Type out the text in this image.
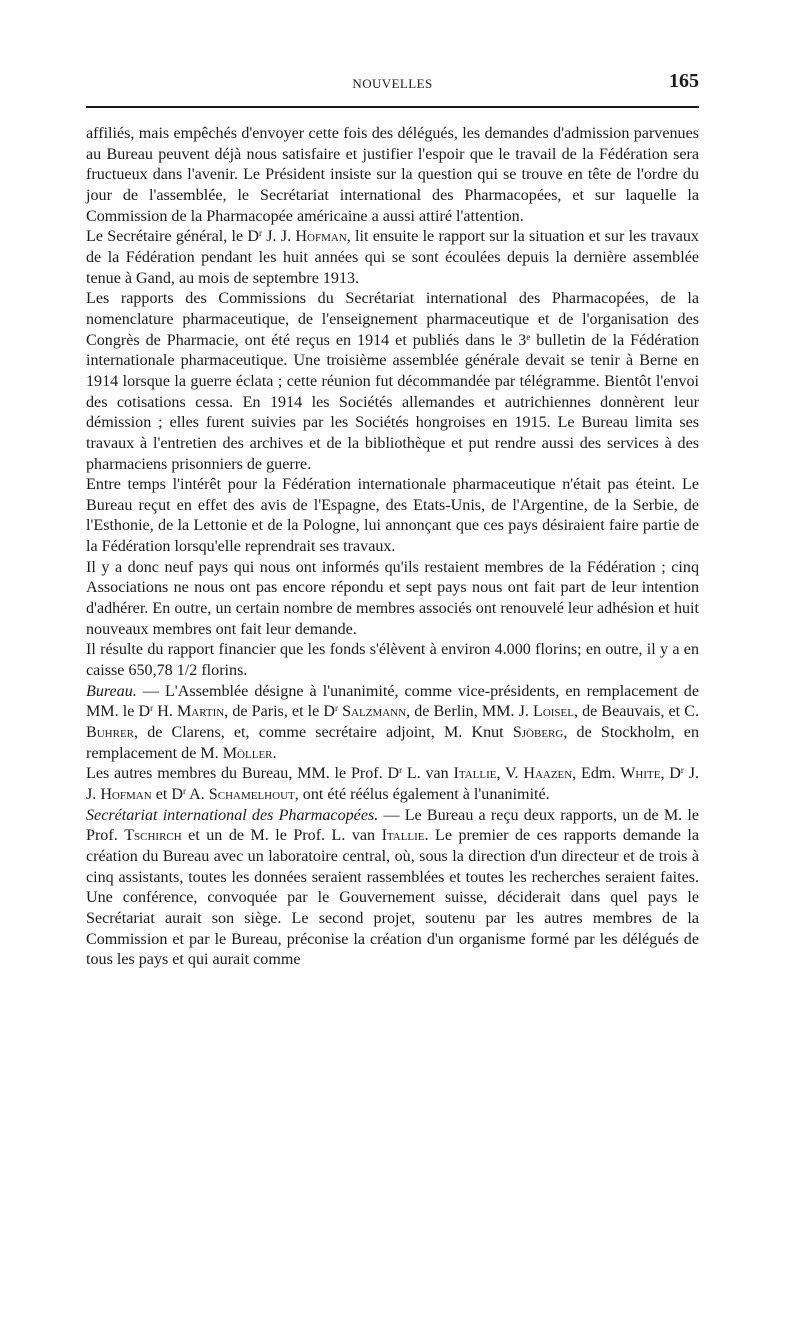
NOUVELLES	165

affiliés, mais empêchés d'envoyer cette fois des délégués, les demandes d'admission parvenues au Bureau peuvent déjà nous satisfaire et justifier l'espoir que le travail de la Fédération sera fructueux dans l'avenir. Le Président insiste sur la question qui se trouve en tête de l'ordre du jour de l'assemblée, le Secrétariat international des Pharmacopées, et sur laquelle la Commission de la Pharmacopée américaine a aussi attiré l'attention.

Le Secrétaire général, le $D^r$ J. J. Hofman, lit ensuite le rapport sur la situation et sur les travaux de la Fédération pendant les huit années qui se sont écoulées depuis la dernière assemblée tenue à Gand, au mois de septembre 1913.

Les rapports des Commissions du Secrétariat international des Pharmacopées, de la nomenclature pharmaceutique, de l'enseignement pharmaceutique et de l'organisation des Congrès de Pharmacie, ont été reçus en 1914 et publiés dans le 3e bulletin de la Fédération internationale pharmaceutique. Une troisième assemblée générale devait se tenir à Berne en 1914 lorsque la guerre éclata ; cette réunion fut décommandée par télégramme. Bientôt l'envoi des cotisations cessa. En 1914 les Sociétés allemandes et autrichiennes donnèrent leur démission ; elles furent suivies par les Sociétés hongroises en 1915. Le Bureau limita ses travaux à l'entretien des archives et de la bibliothèque et put rendre aussi des services à des pharmaciens prisonniers de guerre.

Entre temps l'intérêt pour la Fédération internationale pharmaceutique n'était pas éteint. Le Bureau reçut en effet des avis de l'Espagne, des Etats-Unis, de l'Argentine, de la Serbie, de l'Esthonie, de la Lettonie et de la Pologne, lui annonçant que ces pays désiraient faire partie de la Fédération lorsqu'elle reprendrait ses travaux.

Il y a donc neuf pays qui nous ont informés qu'ils restaient membres de la Fédération ; cinq Associations ne nous ont pas encore répondu et sept pays nous ont fait part de leur intention d'adhérer. En outre, un certain nombre de membres associés ont renouvelé leur adhésion et huit nouveaux membres ont fait leur demande.

Il résulte du rapport financier que les fonds s'élèvent à environ 4.000 florins; en outre, il y a en caisse 650,78 1/2 florins.

Bureau. — L'Assemblée désigne à l'unanimité, comme vice-présidents, en remplacement de MM. le $D^r$ H. Martin, de Paris, et le $D^r$ Salzmann, de Berlin, MM. J. Loisel, de Beauvais, et C. Buhrer, de Clarens, et, comme secrétaire adjoint, M. Knut Sjöberg, de Stockholm, en remplacement de M. Möller.

Les autres membres du Bureau, MM. le Prof. $D^r$ L. van Itallie, V. Haazen, Edm. White, $D^r$ J. J. Hofman et $D^r$ A. Schamelhout, ont été réélus également à l'unanimité.

Secrétariat international des Pharmacopées. — Le Bureau a reçu deux rapports, un de M. le Prof. Tschirch et un de M. le Prof. L. van Itallie. Le premier de ces rapports demande la création du Bureau avec un laboratoire central, où, sous la direction d'un directeur et de trois à cinq assistants, toutes les données seraient rassemblées et toutes les recherches seraient faites. Une conférence, convoquée par le Gouvernement suisse, déciderait dans quel pays le Secrétariat aurait son siège. Le second projet, soutenu par les autres membres de la Commission et par le Bureau, préconise la création d'un organisme formé par les délégués de tous les pays et qui aurait comme
